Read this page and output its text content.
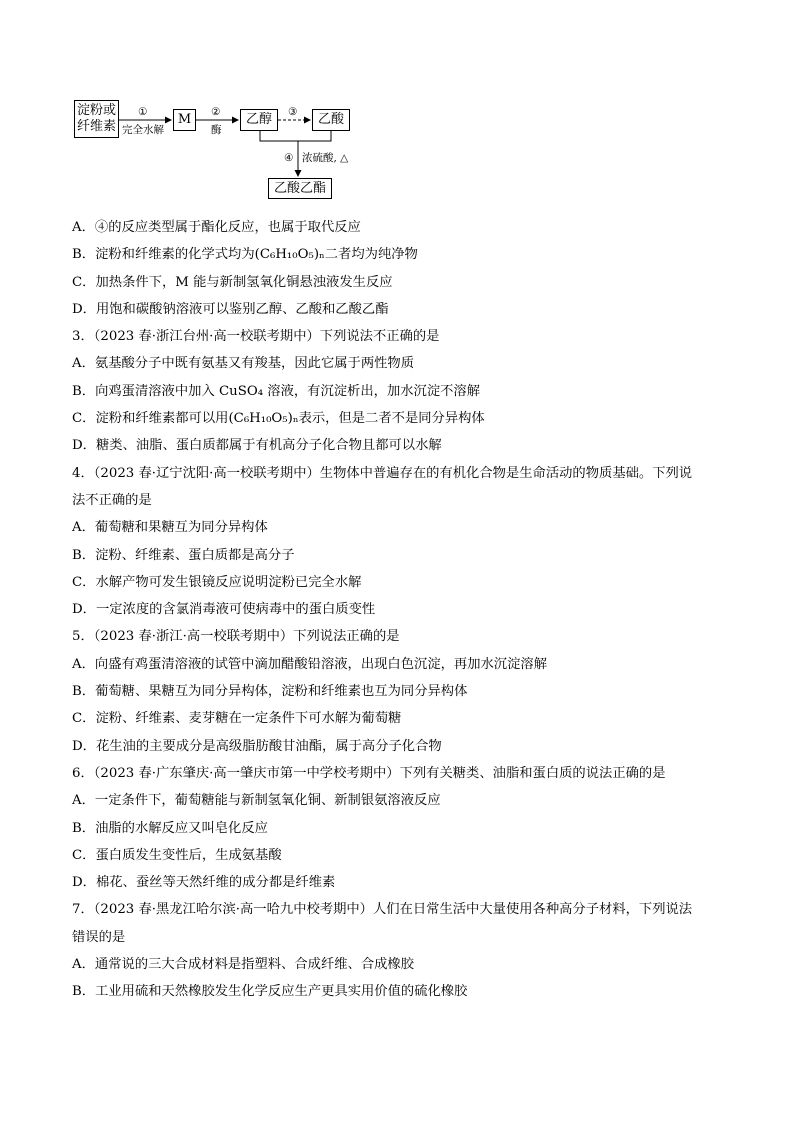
淀粉或纤维素	M	乙醇	乙酸
乙酸乙酯
①
完全水解
②
酶
③
④ 浓硫酸, △
A．④的反应类型属于酯化反应，也属于取代反应
B．淀粉和纤维素的化学式均为(C₆H₁₀O₅)ₙ二者均为纯净物
C．加热条件下，M 能与新制氢氧化铜悬浊液发生反应
D．用饱和碳酸钠溶液可以鉴别乙醇、乙酸和乙酸乙酯
3．（2023 春·浙江台州·高一校联考期中）下列说法不正确的是
A．氨基酸分子中既有氨基又有羧基，因此它属于两性物质
B．向鸡蛋清溶液中加入 CuSO₄ 溶液，有沉淀析出，加水沉淀不溶解
C．淀粉和纤维素都可以用(C₆H₁₀O₅)ₙ表示，但是二者不是同分异构体
D．糖类、油脂、蛋白质都属于有机高分子化合物且都可以水解
4．（2023 春·辽宁沈阳·高一校联考期中）生物体中普遍存在的有机化合物是生命活动的物质基础。下列说
法不正确的是
A．葡萄糖和果糖互为同分异构体
B．淀粉、纤维素、蛋白质都是高分子
C．水解产物可发生银镜反应说明淀粉已完全水解
D．一定浓度的含氯消毒液可使病毒中的蛋白质变性
5．（2023 春·浙江·高一校联考期中）下列说法正确的是
A．向盛有鸡蛋清溶液的试管中滴加醋酸铅溶液，出现白色沉淀，再加水沉淀溶解
B．葡萄糖、果糖互为同分异构体，淀粉和纤维素也互为同分异构体
C．淀粉、纤维素、麦芽糖在一定条件下可水解为葡萄糖
D．花生油的主要成分是高级脂肪酸甘油酯，属于高分子化合物
6．（2023 春·广东肇庆·高一肇庆市第一中学校考期中）下列有关糖类、油脂和蛋白质的说法正确的是
A．一定条件下，葡萄糖能与新制氢氧化铜、新制银氨溶液反应
B．油脂的水解反应又叫皂化反应
C．蛋白质发生变性后，生成氨基酸
D．棉花、蚕丝等天然纤维的成分都是纤维素
7．（2023 春·黑龙江哈尔滨·高一哈九中校考期中）人们在日常生活中大量使用各种高分子材料，下列说法
错误的是
A．通常说的三大合成材料是指塑料、合成纤维、合成橡胶
B．工业用硫和天然橡胶发生化学反应生产更具实用价值的硫化橡胶
